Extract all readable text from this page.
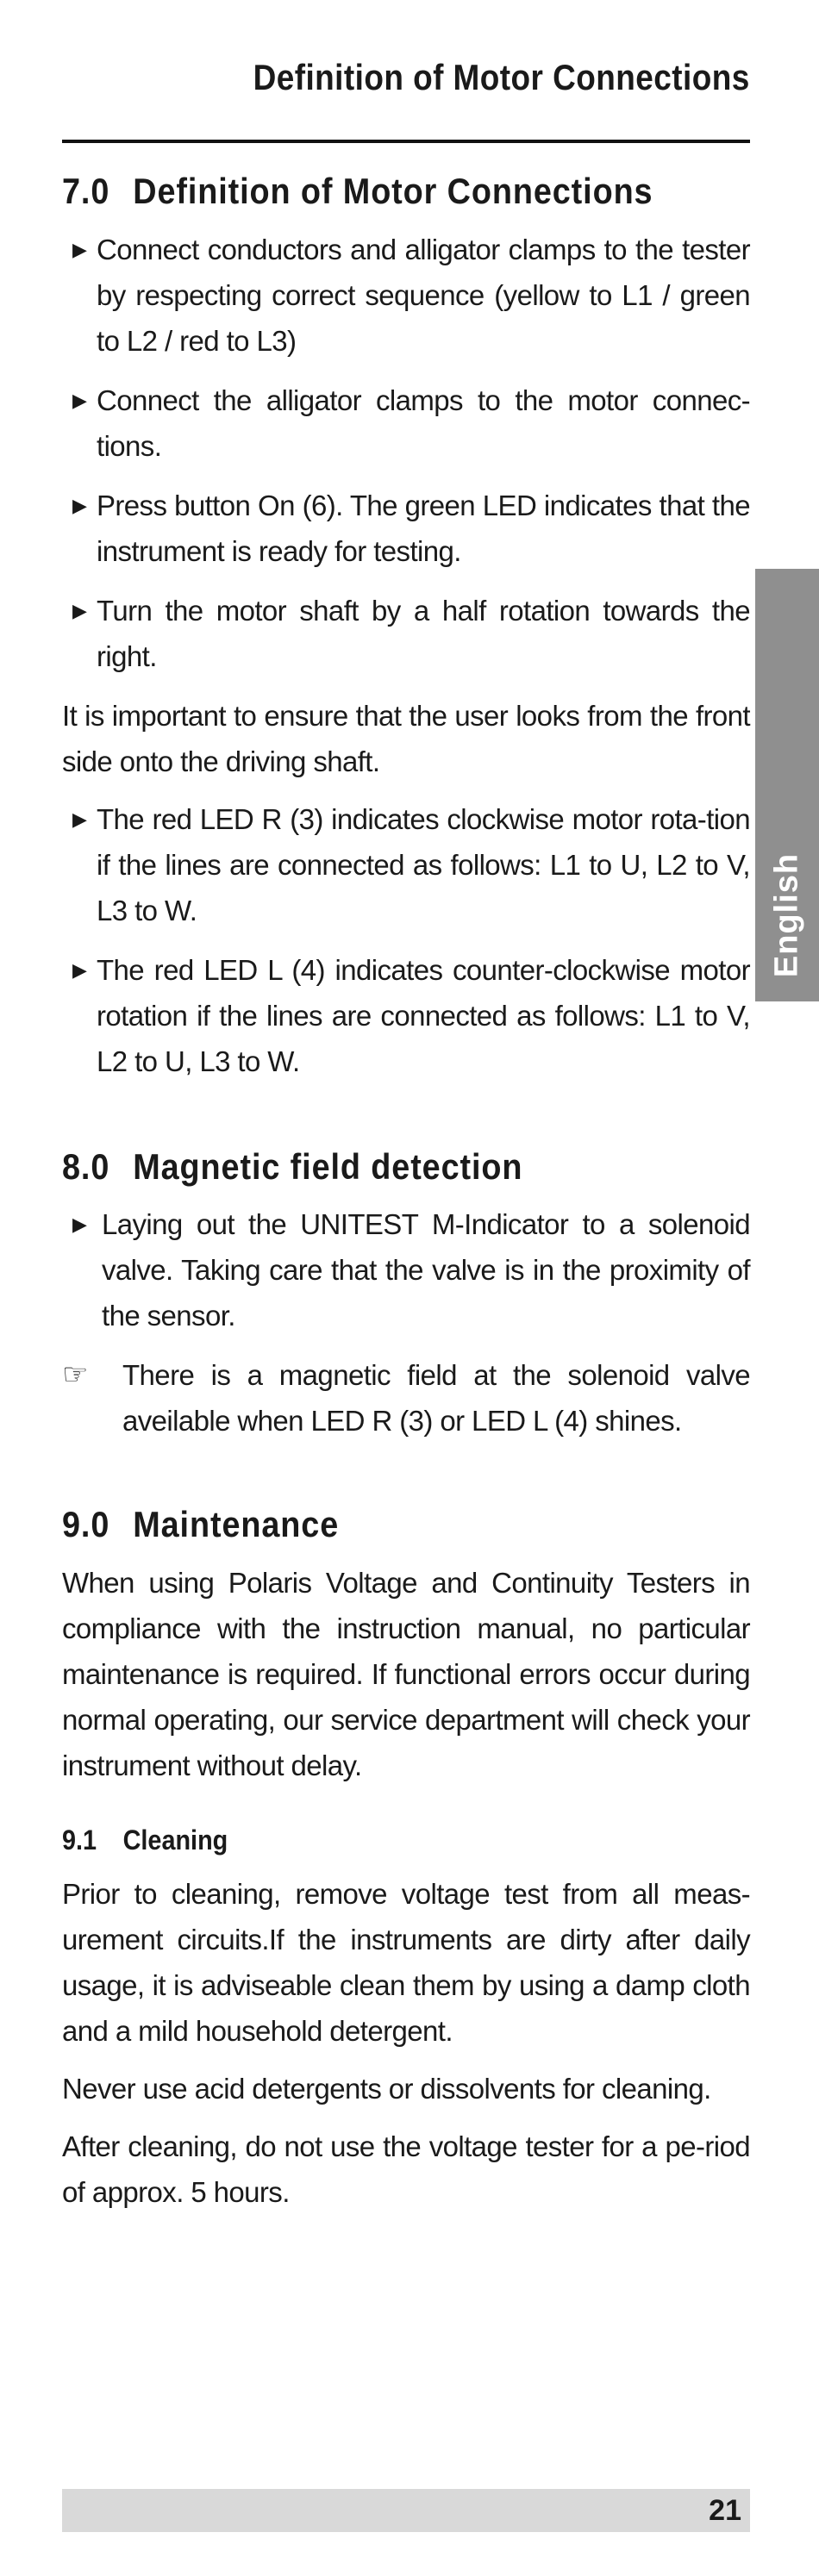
Definition of Motor Connections
7.0 Definition of Motor Connections
▶ Connect conductors and alligator clamps to the tester by respecting correct sequence (yellow to L1 / green to L2 / red to L3)
▶ Connect the alligator clamps to the motor connec-tions.
▶ Press button On (6). The green LED indicates that the instrument is ready for testing.
▶ Turn the motor shaft by a half rotation towards the right.

It is important to ensure that the user looks from the front side onto the driving shaft.

▶ The red LED R (3) indicates clockwise motor rota-tion if the lines are connected as follows: L1 to U, L2 to V, L3 to W.
▶ The red LED L (4) indicates counter-clockwise motor rotation if the lines are connected as follows: L1 to V, L2 to U, L3 to W.
8.0 Magnetic field detection
▶ Laying out the UNITEST M-Indicator to a solenoid valve. Taking care that the valve is in the proximity of the sensor.
☞	There is a magnetic field at the solenoid valve aveilable when LED R (3) or LED L (4) shines.
9.0 Maintenance

When using Polaris Voltage and Continuity Testers in compliance with the instruction manual, no particular maintenance is required. If functional errors occur during normal operating, our service department will check your instrument without delay.

9.1 Cleaning

Prior to cleaning, remove voltage test from all meas-urement circuits.If the instruments are dirty after daily usage, it is adviseable clean them by using a damp cloth and a mild household detergent.

Never use acid detergents or dissolvents for cleaning.

After cleaning, do not use the voltage tester for a pe-riod of approx. 5 hours.

English
21
